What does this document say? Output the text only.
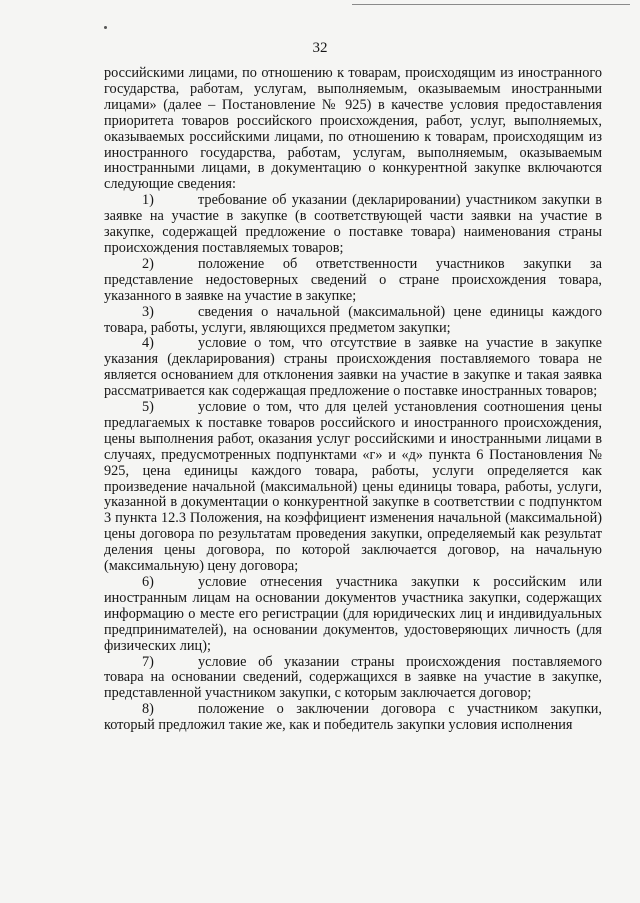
32

российскими лицами, по отношению к товарам, происходящим из иностранного государства, работам, услугам, выполняемым, оказываемым иностранными лицами» (далее – Постановление № 925) в качестве условия предоставления приоритета товаров российского происхождения, работ, услуг, выполняемых, оказываемых российскими лицами, по отношению к товарам, происходящим из иностранного государства, работам, услугам, выполняемым, оказываемым иностранными лицами, в документацию о конкурентной закупке включаются следующие сведения:

1)	требование об указании (декларировании) участником закупки в заявке на участие в закупке (в соответствующей части заявки на участие в закупке, содержащей предложение о поставке товара) наименования страны происхождения поставляемых товаров;

2)	положение об ответственности участников закупки за представление недостоверных сведений о стране происхождения товара, указанного в заявке на участие в закупке;

3)	сведения о начальной (максимальной) цене единицы каждого товара, работы, услуги, являющихся предметом закупки;

4)	условие о том, что отсутствие в заявке на участие в закупке указания (декларирования) страны происхождения поставляемого товара не является основанием для отклонения заявки на участие в закупке и такая заявка рассматривается как содержащая предложение о поставке иностранных товаров;

5)	условие о том, что для целей установления соотношения цены предлагаемых к поставке товаров российского и иностранного происхождения, цены выполнения работ, оказания услуг российскими и иностранными лицами в случаях, предусмотренных подпунктами «г» и «д» пункта 6 Постановления № 925, цена единицы каждого товара, работы, услуги определяется как произведение начальной (максимальной) цены единицы товара, работы, услуги, указанной в документации о конкурентной закупке в соответствии с подпунктом 3 пункта 12.3 Положения, на коэффициент изменения начальной (максимальной) цены договора по результатам проведения закупки, определяемый как результат деления цены договора, по которой заключается договор, на начальную (максимальную) цену договора;

6)	условие отнесения участника закупки к российским или иностранным лицам на основании документов участника закупки, содержащих информацию о месте его регистрации (для юридических лиц и индивидуальных предпринимателей), на основании документов, удостоверяющих личность (для физических лиц);

7)	условие об указании страны происхождения поставляемого товара на основании сведений, содержащихся в заявке на участие в закупке, представленной участником закупки, с которым заключается договор;

8)	положение о заключении договора с участником закупки, который предложил такие же, как и победитель закупки условия исполнения
